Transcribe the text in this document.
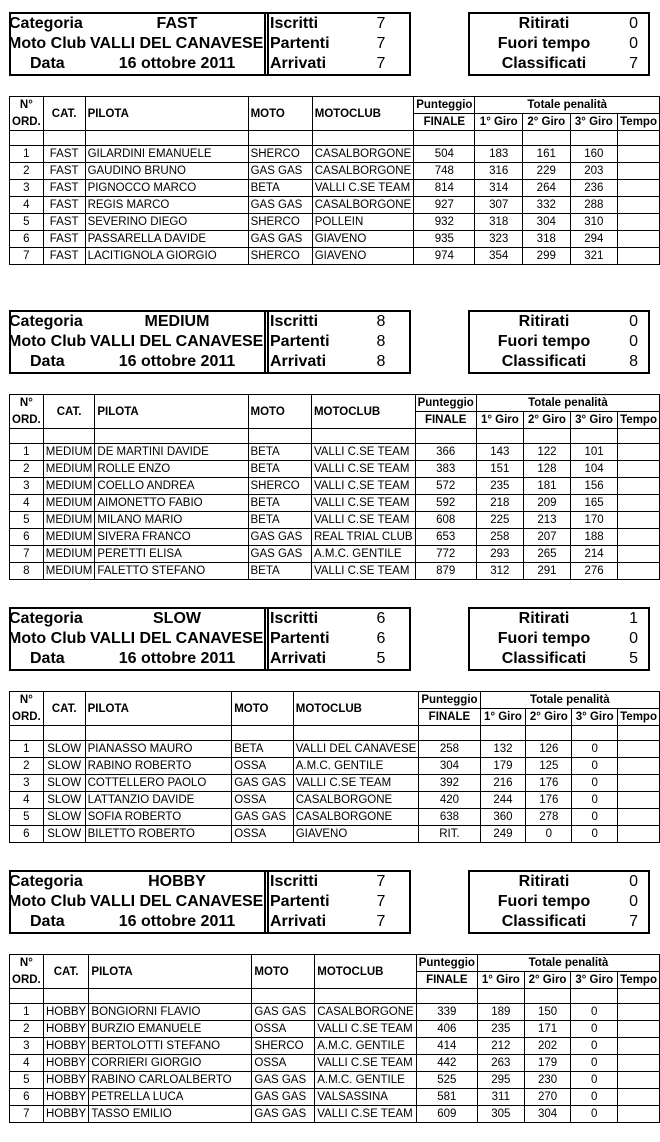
Categoria	FAST	Iscritti	7
Moto Club VALLI DEL CANAVESE Partenti	7
Data	16 ottobre 2011	Arrivati	7
Ritirati	0
Fuori tempo	0
Classificati	7
N°	CAT.	PILOTA	MOTO	MOTOCLUB	Punteggio	Totale penalità			
ORD.					FINALE	1° Giro	2° Giro	3° Giro	Tempo

1	FAST	GILARDINI EMANUELE	SHERCO	CASALBORGONE	504	183	161	160	
2	FAST	GAUDINO BRUNO	GAS GAS	CASALBORGONE	748	316	229	203	
3	FAST	PIGNOCCO MARCO	BETA	VALLI C.SE TEAM	814	314	264	236	
4	FAST	REGIS MARCO	GAS GAS	CASALBORGONE	927	307	332	288	
5	FAST	SEVERINO DIEGO	SHERCO	POLLEIN	932	318	304	310	
6	FAST	PASSARELLA DAVIDE	GAS GAS	GIAVENO	935	323	318	294	
7	FAST	LACITIGNOLA GIORGIO	SHERCO	GIAVENO	974	354	299	321	
Categoria	MEDIUM	Iscritti	8
Moto Club VALLI DEL CANAVESE Partenti	8
Data	16 ottobre 2011	Arrivati	8
Ritirati	0
Fuori tempo	0
Classificati	8
N°	CAT.	PILOTA	MOTO	MOTOCLUB	Punteggio	Totale penalità			
ORD.					FINALE	1° Giro	2° Giro	3° Giro	Tempo

1	MEDIUM	DE MARTINI DAVIDE	BETA	VALLI C.SE TEAM	366	143	122	101	
2	MEDIUM	ROLLE ENZO	BETA	VALLI C.SE TEAM	383	151	128	104	
3	MEDIUM	COELLO ANDREA	SHERCO	VALLI C.SE TEAM	572	235	181	156	
4	MEDIUM	AIMONETTO FABIO	BETA	VALLI C.SE TEAM	592	218	209	165	
5	MEDIUM	MILANO MARIO	BETA	VALLI C.SE TEAM	608	225	213	170	
6	MEDIUM	SIVERA FRANCO	GAS GAS	REAL TRIAL CLUB	653	258	207	188	
7	MEDIUM	PERETTI ELISA	GAS GAS	A.M.C. GENTILE	772	293	265	214	
8	MEDIUM	FALETTO STEFANO	BETA	VALLI C.SE TEAM	879	312	291	276	
Categoria	SLOW	Iscritti	6
Moto Club VALLI DEL CANAVESE Partenti	6
Data	16 ottobre 2011	Arrivati	5
Ritirati	1
Fuori tempo	0
Classificati	5
N°	CAT.	PILOTA	MOTO	MOTOCLUB	Punteggio	Totale penalità			
ORD.					FINALE	1° Giro	2° Giro	3° Giro	Tempo

1	SLOW	PIANASSO MAURO	BETA	VALLI DEL CANAVESE	258	132	126	0	
2	SLOW	RABINO ROBERTO	OSSA	A.M.C. GENTILE	304	179	125	0	
3	SLOW	COTTELLERO PAOLO	GAS GAS	VALLI C.SE TEAM	392	216	176	0	
4	SLOW	LATTANZIO DAVIDE	OSSA	CASALBORGONE	420	244	176	0	
5	SLOW	SOFIA ROBERTO	GAS GAS	CASALBORGONE	638	360	278	0	
6	SLOW	BILETTO ROBERTO	OSSA	GIAVENO	RIT.	249	0	0	
Categoria	HOBBY	Iscritti	7
Moto Club VALLI DEL CANAVESE Partenti	7
Data	16 ottobre 2011	Arrivati	7
Ritirati	0
Fuori tempo	0
Classificati	7
N°	CAT.	PILOTA	MOTO	MOTOCLUB	Punteggio	Totale penalità			
ORD.					FINALE	1° Giro	2° Giro	3° Giro	Tempo

1	HOBBY	BONGIORNI FLAVIO	GAS GAS	CASALBORGONE	339	189	150	0	
2	HOBBY	BURZIO EMANUELE	OSSA	VALLI C.SE TEAM	406	235	171	0	
3	HOBBY	BERTOLOTTI STEFANO	SHERCO	A.M.C. GENTILE	414	212	202	0	
4	HOBBY	CORRIERI GIORGIO	OSSA	VALLI C.SE TEAM	442	263	179	0	
5	HOBBY	RABINO CARLOALBERTO	GAS GAS	A.M.C. GENTILE	525	295	230	0	
6	HOBBY	PETRELLA LUCA	GAS GAS	VALSASSINA	581	311	270	0	
7	HOBBY	TASSO EMILIO	GAS GAS	VALLI C.SE TEAM	609	305	304	0	
